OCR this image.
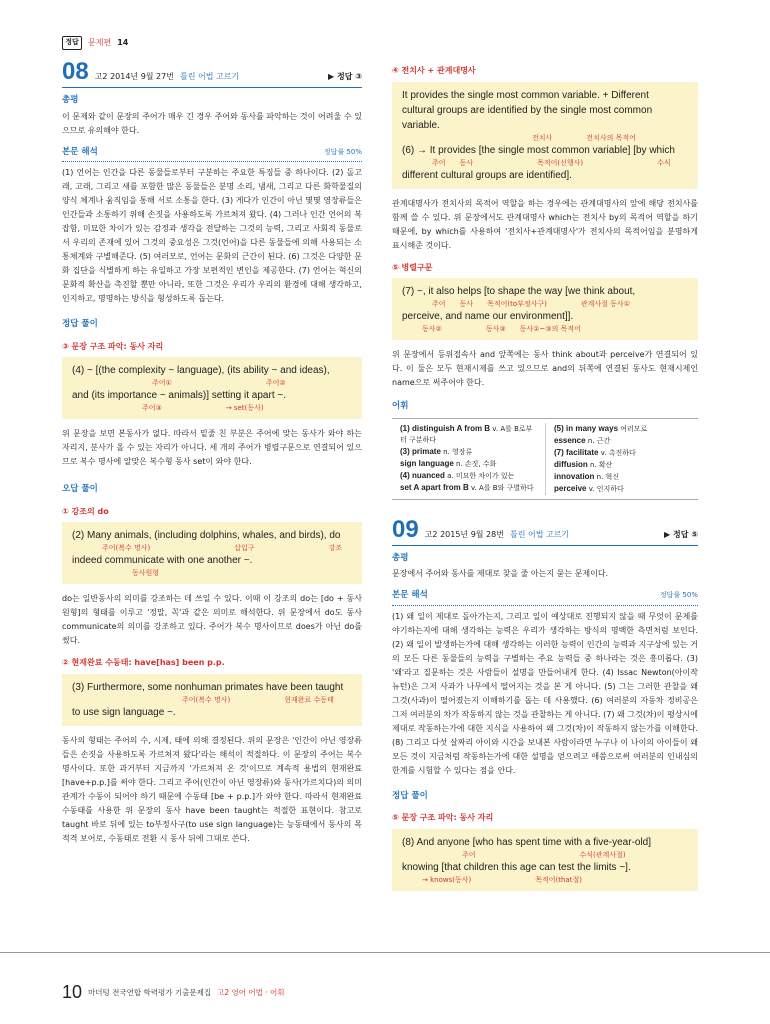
정답	문제편 14
08 고2 2014년 9월 27번 틀린 어법 고르기	▶ 정답 ③
총평

이 문제와 같이 문장의 주어가 매우 긴 경우 주어와 동사를 파악하는 것이 어려울 수 있으므로 유의해야 한다.

본문 해석	정답률 50%

(1) 언어는 인간을 다른 동물들로부터 구분하는 주요한 특징들 중 하나이다. (2) 돌고래, 고래, 그리고 새를 포함한 많은 동물들은 분명 소리, 냄새, 그리고 다른 화학물질의 양식 체계나 움직임을 통해 서로 소통을 한다. (3) 게다가 인간이 아닌 몇몇 영장류들은 인간들과 소통하기 위해 손짓을 사용하도록 가르쳐져 왔다. (4) 그러나 인간 언어의 복잡함, 미묘한 차이가 있는 감정과 생각을 전달하는 그것의 능력, 그리고 사회적 동물로서 우리의 존재에 있어 그것의 중요성은 그것(언어)을 다른 동물들에 의해 사용되는 소통체계와 구별해준다. (5) 여러모로, 언어는 문화의 근간이 된다. (6) 그것은 다양한 문화 집단을 식별하게 하는 유일하고 가장 보편적인 변인을 제공한다. (7) 언어는 혁신의 문화적 확산을 촉진할 뿐만 아니라, 또한 그것은 우리가 우리의 환경에 대해 생각하고, 인지하고, 명명하는 방식을 형성하도록 돕는다.

정답 풀이
③ 문장 구조 파악: 동사 자리
(4) ~ [(the complexity ~ language), (its ability ~ and ideas),
주어①	주어②
and (its importance ~ animals)] setting it apart ~.
주어③	→ set(동사)

위 문장을 보면 본동사가 없다. 따라서 밑줄 친 부분은 주어에 맞는 동사가 와야 하는 자리지, 분사가 올 수 있는 자리가 아니다. 세 개의 주어가 병렬구문으로 연결되어 있으므로 복수 명사에 알맞은 복수형 동사 set이 와야 한다.

오답 풀이
① 강조의 do
(2) Many animals, (including dolphins, whales, and birds), do
주어(복수 명사)	삽입구	강조
indeed communicate with one another ~.
동사원형

do는 일반동사의 의미를 강조하는 데 쓰일 수 있다. 이때 이 강조의 do는 [do + 동사원형]의 형태를 이루고 '정말, 꼭'과 같은 의미로 해석한다. 위 문장에서 do도 동사 communicate의 의미를 강조하고 있다. 주어가 복수 명사이므로 does가 아닌 do를 썼다.

② 현재완료 수동태: have[has] been p.p.
(3) Furthermore, some nonhuman primates have been taught
주어(복수 명사)	현재완료 수동태
to use sign language ~.

동사의 형태는 주어의 수, 시제, 태에 의해 결정된다. 위의 문장은 '인간이 아닌 영장류들은 손짓을 사용하도록 가르쳐져 왔다'라는 해석이 적절하다. 이 문장의 주어는 복수 명사이다. 또한 과거부터 지금까지 '가르쳐져 온 것'이므로 계속적 용법의 현재완료 [have+p.p.]를 써야 한다. 그리고 주어(인간이 아닌 영장류)와 동사(가르치다)의 의미 관계가 수동이 되어야 하기 때문에 수동태 [be + p.p.]가 와야 한다. 따라서 현재완료 수동태를 사용한 위 문장의 동사 have been taught는 적절한 표현이다. 참고로 taught 바로 뒤에 있는 to부정사구(to use sign language)는 능동태에서 동사의 목적격 보어로, 수동태로 전환 시 동사 뒤에 그대로 쓴다.

④ 전치사 + 관계대명사
It provides the single most common variable. + Different
cultural groups are identified by the single most common
variable.
전치사	전치사의 목적어
(6) → It provides [the single most common variable] [by which
주어 동사	목적어(선행사)	수식
different cultural groups are identified].

관계대명사가 전치사의 목적어 역할을 하는 경우에는 관계대명사의 앞에 해당 전치사를 함께 쓸 수 있다. 위 문장에서도 관계대명사 which는 전치사 by의 목적어 역할을 하기 때문에, by which를 사용하여 '전치사+관계대명사'가 전치사의 목적어임을 분명하게 표시해준 것이다.

⑤ 병렬구문
(7) ~, it also helps [to shape the way [we think about,
주어 동사 목적어(to부정사구)	관계사절 동사①
perceive, and name our environment]].
동사②	동사③ 동사①~③의 목적어

위 문장에서 등위접속사 and 앞쪽에는 동사 think about과 perceive가 연결되어 있다. 이 둘은 모두 현재시제를 쓰고 있으므로 and의 뒤쪽에 연결된 동사도 현재시제인 name으로 써주어야 한다.

어휘
(1) distinguish A from B v. A를 B로부터 구분하다
(3) primate n. 영장류
sign language n. 손짓, 수화
(4) nuanced a. 미묘한 차이가 있는
set A apart from B v. A를 B와 구별하다
(5) in many ways 여러모로
essence n. 근간
(7) facilitate v. 촉진하다
diffusion n. 확산
innovation n. 혁신
perceive v. 인지하다
09 고2 2015년 9월 28번 틀린 어법 고르기	▶ 정답 ⑤
총평

문장에서 주어와 동사를 제대로 찾을 줄 아는지 묻는 문제이다.

본문 해석	정답률 50%

(1) 왜 일이 제대로 돌아가는지, 그리고 일이 예상대로 진행되지 않을 때 무엇이 문제를 야기하는지에 대해 생각하는 능력은 우리가 생각하는 방식의 명백한 측면처럼 보인다. (2) 왜 일이 발생하는가에 대해 생각하는 이러한 능력이 인간의 능력과 지구상에 있는 거의 모든 다른 동물들의 능력을 구별하는 주요 능력들 중 하나라는 것은 흥미롭다. (3) '왜'라고 질문하는 것은 사람들이 설명을 만들어내게 한다. (4) Issac Newton(아이작 뉴턴)은 그저 사과가 나무에서 떨어지는 것을 본 게 아니다. (5) 그는 그러한 관찰을 왜 그것(사과)이 떨어졌는지 이해하기를 돕는 데 사용했다. (6) 여러분의 자동차 정비공은 그저 여러분의 차가 작동하지 않는 것을 관찰하는 게 아니다. (7) 왜 그것(차)이 평상시에 제대로 작동하는가에 대한 지식을 사용하여 왜 그것(차)이 작동하지 않는가를 이해한다. (8) 그리고 다섯 살짜리 아이와 시간을 보내본 사람이라면 누구나 이 나이의 아이들이 왜 모든 것이 지금처럼 작동하는가에 대한 설명을 얻으려고 애씀으로써 여러분의 인내심의 한계를 시험할 수 있다는 점을 안다.

정답 풀이
⑤ 문장 구조 파악: 동사 자리
(8) And anyone [who has spent time with a five-year-old]
주어	수식(관계사절)
knowing [that children this age can test the limits ~].
→ knows(동사)	목적어(that절)
10 마더텅 전국연합 학력평가 기출문제집 고2 영어 어법 · 어휘
